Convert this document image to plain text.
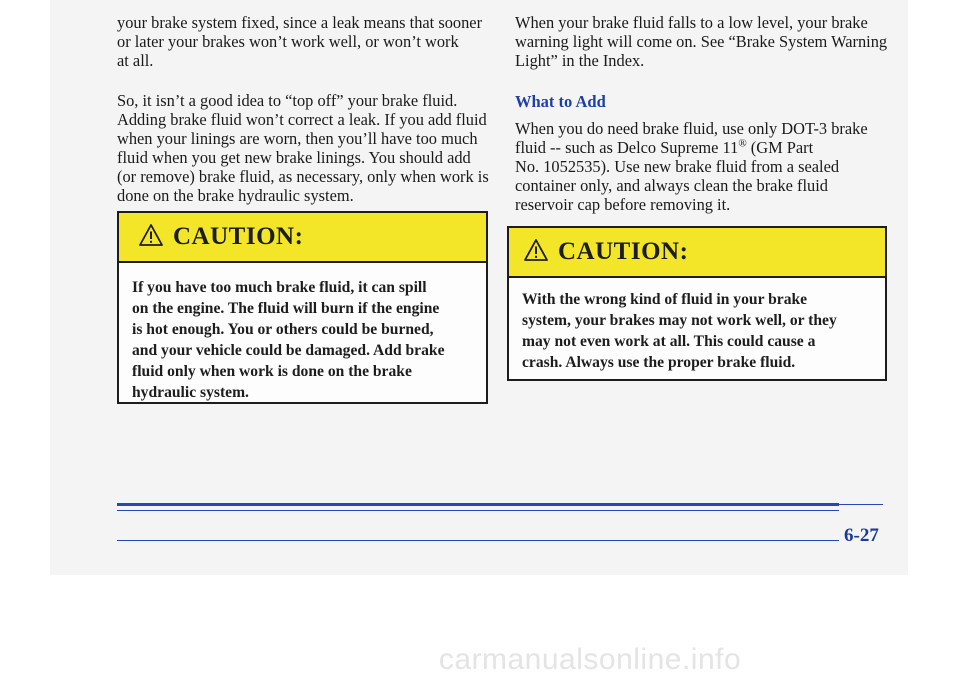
your brake system fixed, since a leak means that sooner

or later your brakes won’t work well, or won’t work

at all.

So, it isn’t a good idea to “top off” your brake fluid.

Adding brake fluid won’t correct a leak. If you add fluid

when your linings are worn, then you’ll have too much

fluid when you get new brake linings. You should add

(or remove) brake fluid, as necessary, only when work is

done on the brake hydraulic system.

CAUTION:
If you have too much brake fluid, it can spill
on the engine. The fluid will burn if the engine
is hot enough. You or others could be burned,
and your vehicle could be damaged. Add brake
fluid only when work is done on the brake
hydraulic system.

When your brake fluid falls to a low level, your brake

warning light will come on. See “Brake System Warning

Light” in the Index.

What to Add

When you do need brake fluid, use only DOT-3 brake

fluid -- such as Delco Supreme 11® (GM Part

No. 1052535). Use new brake fluid from a sealed

container only, and always clean the brake fluid

reservoir cap before removing it.

CAUTION:
With the wrong kind of fluid in your brake
system, your brakes may not work well, or they
may not even work at all. This could cause a
crash. Always use the proper brake fluid.
6-27
carmanualsonline.info
